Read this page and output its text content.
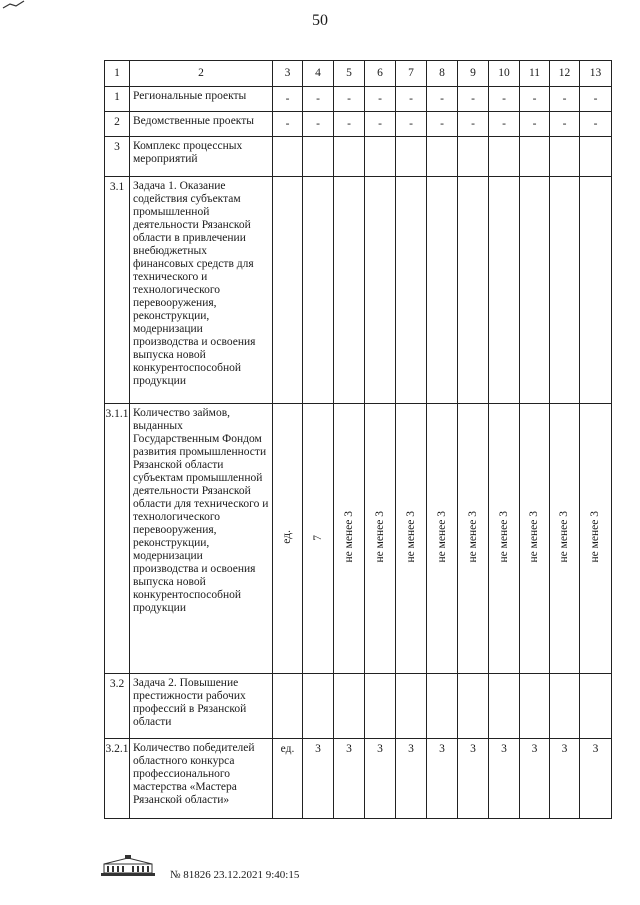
50

1	2	3	4	5	6	7	8	9	10	11	12	13
1	Региональные проекты	-	-	-	-	-	-	-	-	-	-	-
2	Ведомственные проекты	-	-	-	-	-	-	-	-	-	-	-
3	Комплекс процессных мероприятий											
3.1	Задача 1. Оказание содействия субъектам промышленной деятельности Рязанской области в привлечении внебюджетных финансовых средств для технического и технологического перевооружения, реконструкции, модернизации производства и освоения выпуска новой конкурентоспособной продукции											
3.1.1	Количество займов, выданных Государственным Фондом развития промышленности Рязанской области субъектам промышленной деятельности Рязанской области для технического и технологического перевооружения, реконструкции, модернизации производства и освоения выпуска новой конкурентоспособной продукции	ед.	7	не менее 3	не менее 3	не менее 3	не менее 3	не менее 3	не менее 3	не менее 3	не менее 3	не менее 3
3.2	Задача 2. Повышение престижности рабочих профессий в Рязанской области											
3.2.1	Количество победителей областного конкурса профессионального мастерства «Мастера Рязанской области»	ед.	3	3	3	3	3	3	3	3	3	3

№ 81826 23.12.2021 9:40:15
